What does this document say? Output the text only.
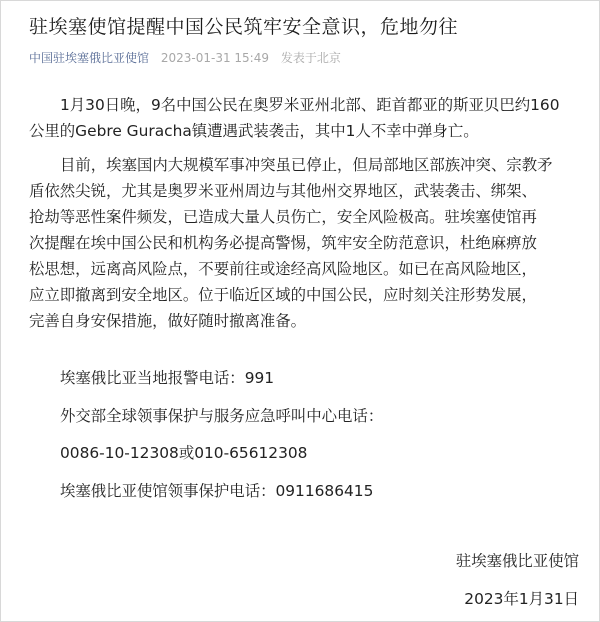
驻埃塞使馆提醒中国公民筑牢安全意识，危地勿往
中国驻埃塞俄比亚使馆 2023-01-31 15:49 发表于北京

1月30日晚，9名中国公民在奥罗米亚州北部、距首都亚的斯亚贝巴约160
公里的Gebre Guracha镇遭遇武装袭击，其中1人不幸中弹身亡。

目前，埃塞国内大规模军事冲突虽已停止，但局部地区部族冲突、宗教矛
盾依然尖锐，尤其是奥罗米亚州周边与其他州交界地区，武装袭击、绑架、
抢劫等恶性案件频发，已造成大量人员伤亡，安全风险极高。驻埃塞使馆再
次提醒在埃中国公民和机构务必提高警惕，筑牢安全防范意识，杜绝麻痹放
松思想，远离高风险点，不要前往或途经高风险地区。如已在高风险地区，
应立即撤离到安全地区。位于临近区域的中国公民，应时刻关注形势发展，
完善自身安保措施，做好随时撤离准备。

埃塞俄比亚当地报警电话：991

外交部全球领事保护与服务应急呼叫中心电话：

0086-10-12308或010-65612308

埃塞俄比亚使馆领事保护电话：0911686415

驻埃塞俄比亚使馆

2023年1月31日
